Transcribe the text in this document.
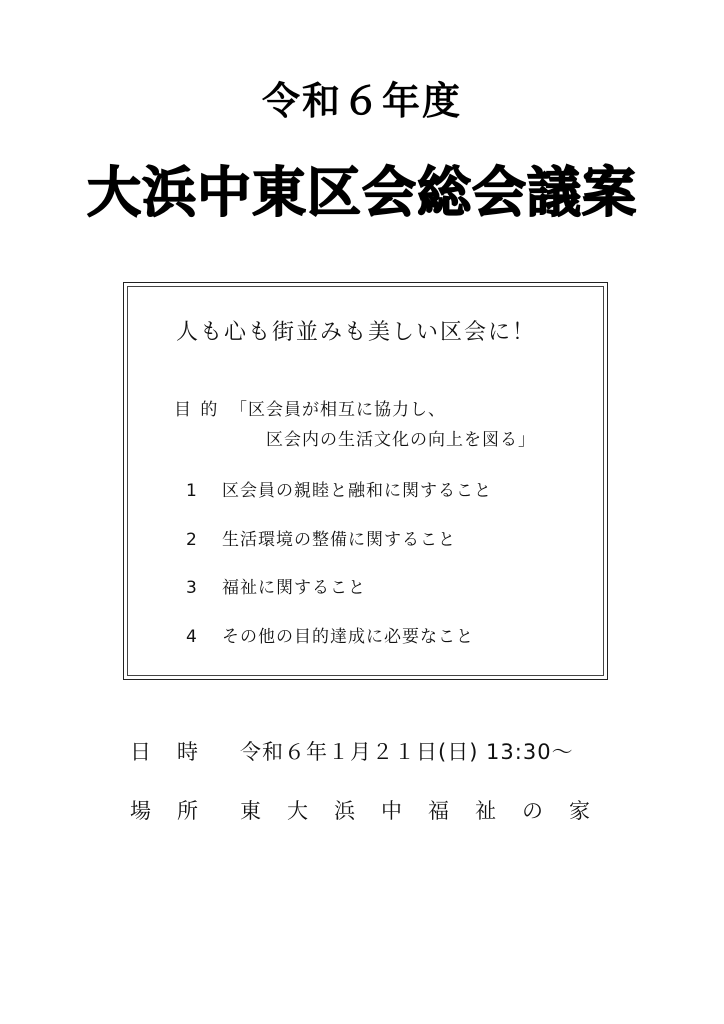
令和６年度
大浜中東区会総会議案
人も心も街並みも美しい区会に！
目 的 「区会員が相互に協力し、
区会内の生活文化の向上を図る」
1 区会員の親睦と融和に関すること
2 生活環境の整備に関すること
3 福祉に関すること
4 その他の目的達成に必要なこと
日時 令和６年１月２１日(日) 13:30～
場所 東大浜中福祉の家
